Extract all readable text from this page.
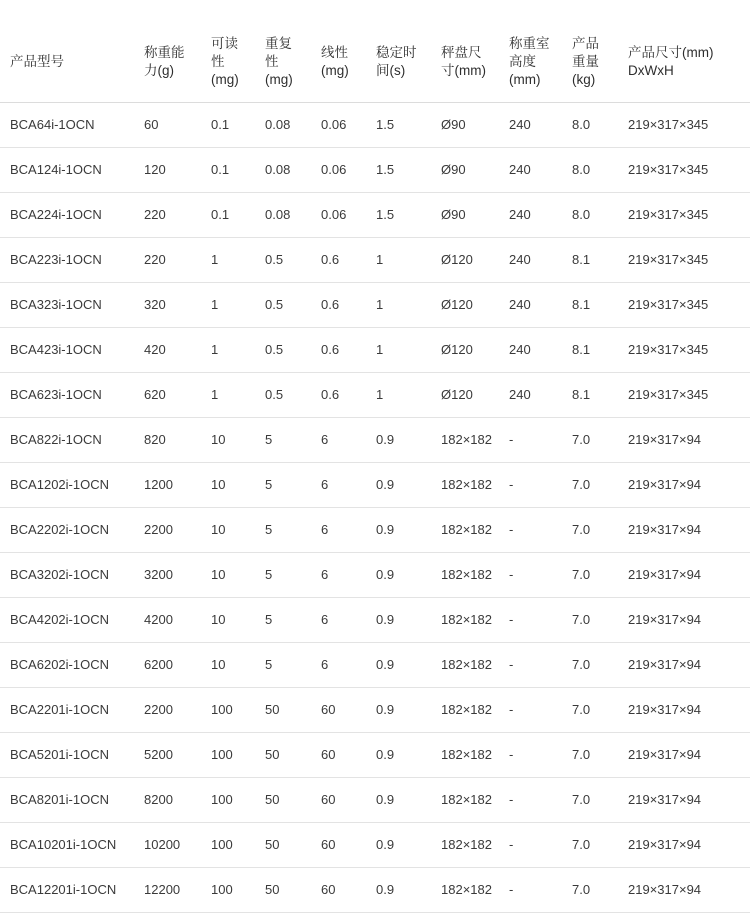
产品型号	称重能力(g)	可读性(mg)	重复性(mg)	线性(mg)	稳定时间(s)	秤盘尺寸(mm)	称重室高度(mm)	产品重量(kg)	产品尺寸(mm) DxWxH
BCA64i-1OCN	60	0.1	0.08	0.06	1.5	Ø90	240	8.0	219×317×345
BCA124i-1OCN	120	0.1	0.08	0.06	1.5	Ø90	240	8.0	219×317×345
BCA224i-1OCN	220	0.1	0.08	0.06	1.5	Ø90	240	8.0	219×317×345
BCA223i-1OCN	220	1	0.5	0.6	1	Ø120	240	8.1	219×317×345
BCA323i-1OCN	320	1	0.5	0.6	1	Ø120	240	8.1	219×317×345
BCA423i-1OCN	420	1	0.5	0.6	1	Ø120	240	8.1	219×317×345
BCA623i-1OCN	620	1	0.5	0.6	1	Ø120	240	8.1	219×317×345
BCA822i-1OCN	820	10	5	6	0.9	182×182	-	7.0	219×317×94
BCA1202i-1OCN	1200	10	5	6	0.9	182×182	-	7.0	219×317×94
BCA2202i-1OCN	2200	10	5	6	0.9	182×182	-	7.0	219×317×94
BCA3202i-1OCN	3200	10	5	6	0.9	182×182	-	7.0	219×317×94
BCA4202i-1OCN	4200	10	5	6	0.9	182×182	-	7.0	219×317×94
BCA6202i-1OCN	6200	10	5	6	0.9	182×182	-	7.0	219×317×94
BCA2201i-1OCN	2200	100	50	60	0.9	182×182	-	7.0	219×317×94
BCA5201i-1OCN	5200	100	50	60	0.9	182×182	-	7.0	219×317×94
BCA8201i-1OCN	8200	100	50	60	0.9	182×182	-	7.0	219×317×94
BCA10201i-1OCN	10200	100	50	60	0.9	182×182	-	7.0	219×317×94
BCA12201i-1OCN	12200	100	50	60	0.9	182×182	-	7.0	219×317×94
